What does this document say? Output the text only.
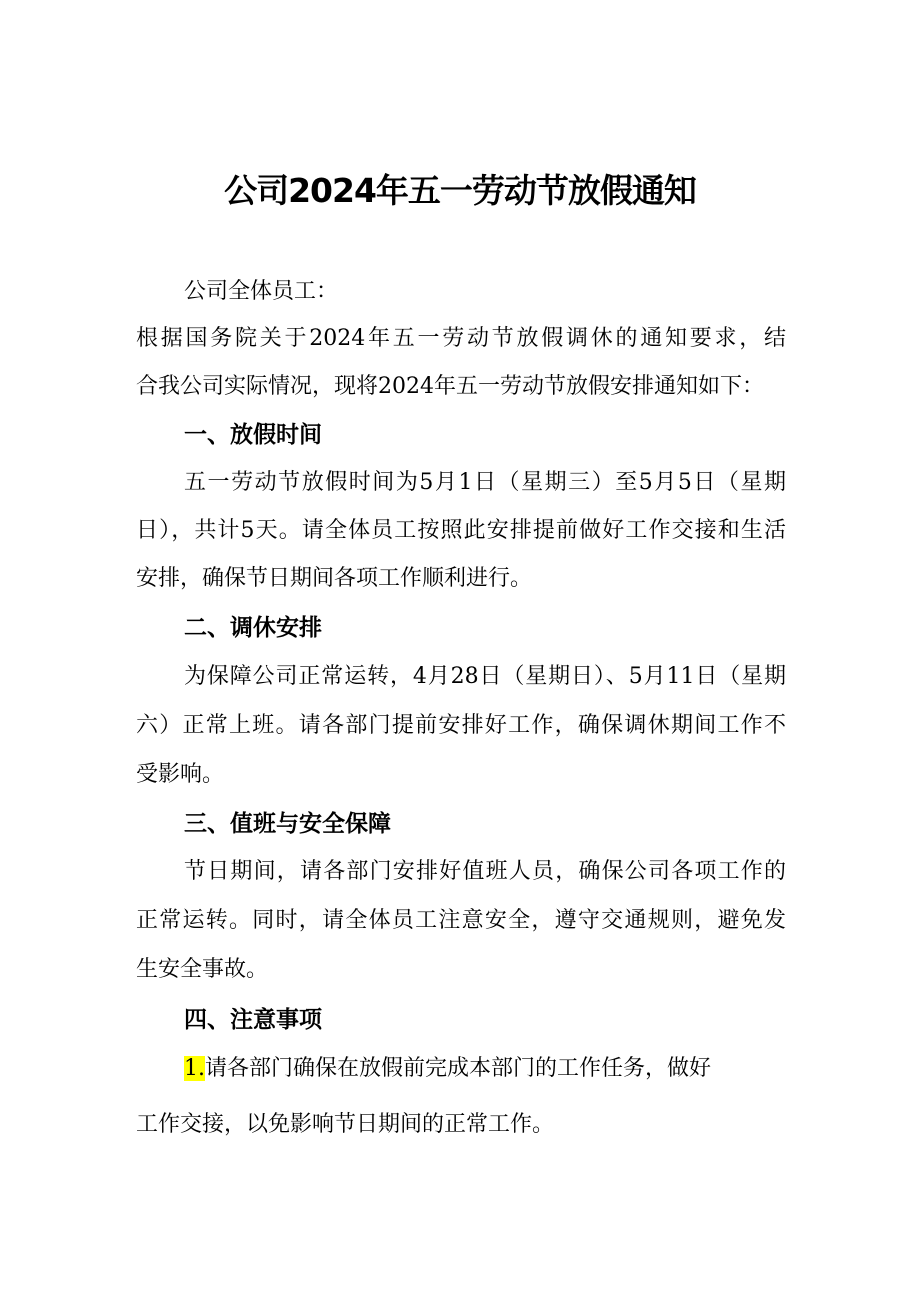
公司2024年五一劳动节放假通知
公司全体员工：
根据国务院关于2024年五一劳动节放假调休的通知要求，结
合我公司实际情况，现将2024年五一劳动节放假安排通知如下：
一、放假时间
五一劳动节放假时间为5月1日（星期三）至5月5日（星期
日），共计5天。请全体员工按照此安排提前做好工作交接和生活
安排，确保节日期间各项工作顺利进行。
二、调休安排
为保障公司正常运转，4月28日（星期日）、5月11日（星期
六）正常上班。请各部门提前安排好工作，确保调休期间工作不
受影响。
三、值班与安全保障
节日期间，请各部门安排好值班人员，确保公司各项工作的
正常运转。同时，请全体员工注意安全，遵守交通规则，避免发
生安全事故。
四、注意事项
1.请各部门确保在放假前完成本部门的工作任务，做好
工作交接，以免影响节日期间的正常工作。
